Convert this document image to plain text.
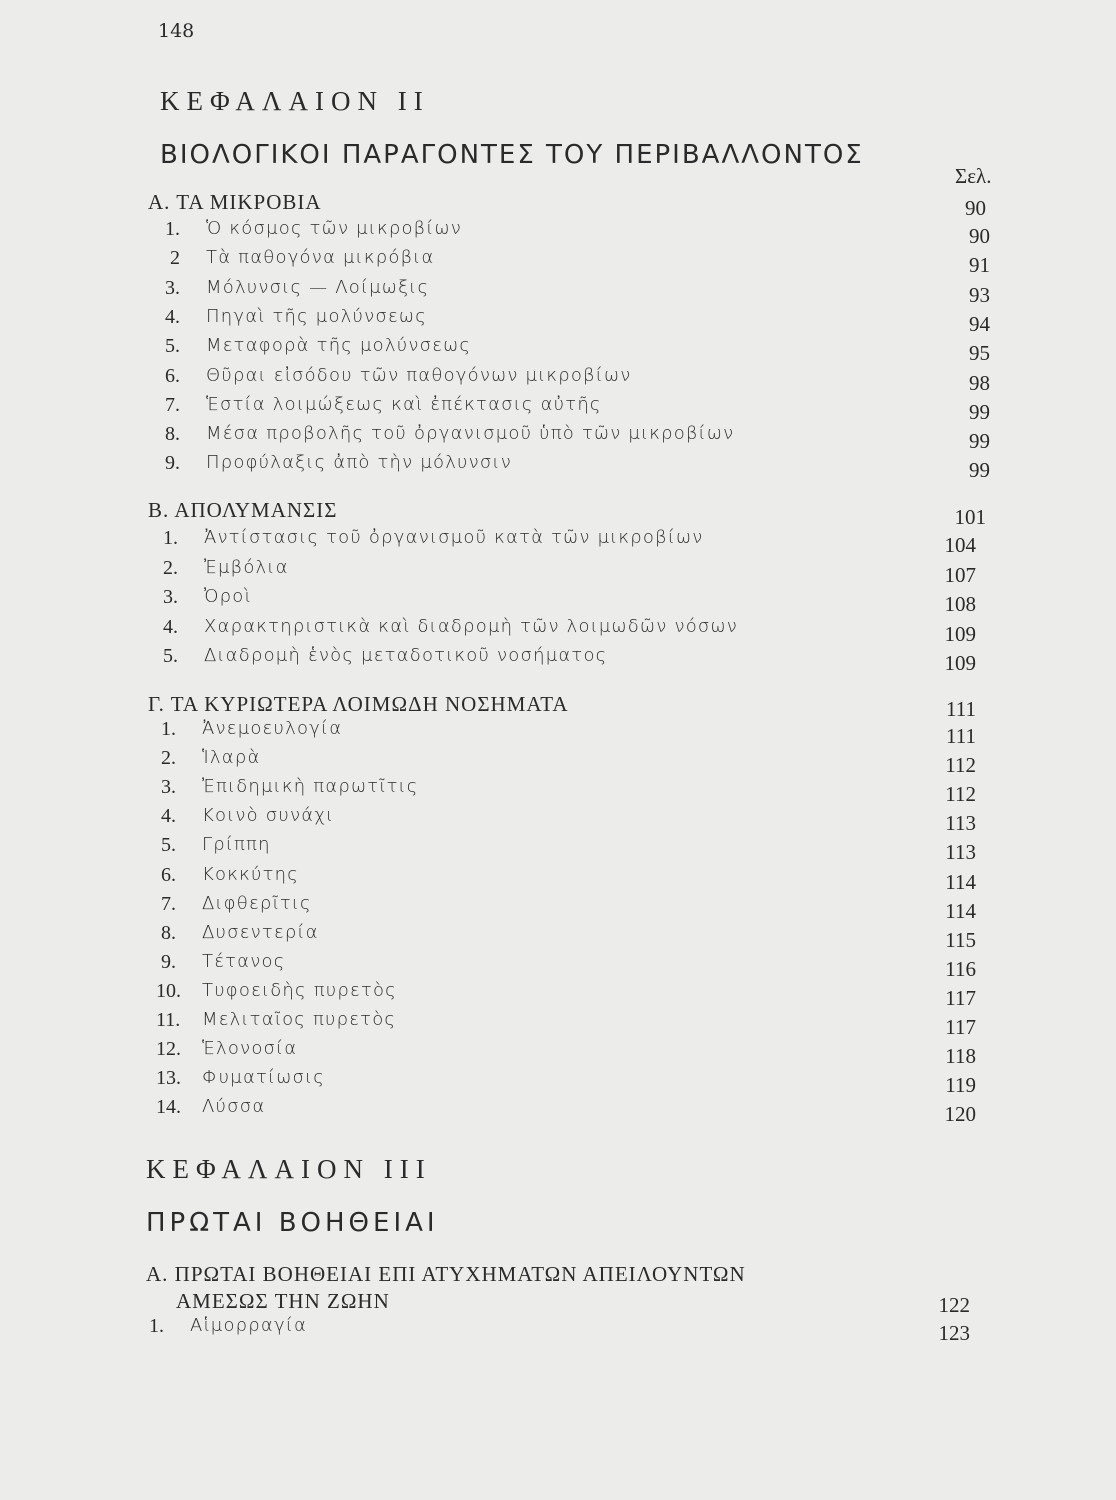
148
ΚΕΦΑΛΑΙΟΝ ΙΙ
ΒΙΟΛΟΓΙΚΟΙ ΠΑΡΑΓΟΝΤΕΣ ΤΟΥ ΠΕΡΙΒΑΛΛΟΝΤΟΣ
Σελ.
Α. ΤΑ ΜΙΚΡΟΒΙΑ	90
1. Ὁ κόσμος τῶν μικροβίων	90
2 Τὰ παθογόνα μικρόβια	91
3. Μόλυνσις — Λοίμωξις	93
4. Πηγαὶ τῆς μολύνσεως	94
5. Μεταφορὰ τῆς μολύνσεως	95
6. Θῦραι εἰσόδου τῶν παθογόνων μικροβίων	98
7. Ἑστία λοιμώξεως καὶ ἐπέκτασις αὐτῆς	99
8. Μέσα προβολῆς τοῦ ὀργανισμοῦ ὑπὸ τῶν μικροβίων	99
9. Προφύλαξις ἀπὸ τὴν μόλυνσιν	99
Β. ΑΠΟΛΥΜΑΝΣΙΣ	101
1. Ἀντίστασις τοῦ ὀργανισμοῦ κατὰ τῶν μικροβίων	104
2. Ἐμβόλια	107
3. Ὀροὶ	108
4. Χαρακτηριστικὰ καὶ διαδρομὴ τῶν λοιμωδῶν νόσων	109
5. Διαδρομὴ ἑνὸς μεταδοτικοῦ νοσήματος	109
Γ. ΤΑ ΚΥΡΙΩΤΕΡΑ ΛΟΙΜΩΔΗ ΝΟΣΗΜΑΤΑ	111
1. Ἀνεμοευλογία	111
2. Ἱλαρὰ	112
3. Ἐπιδημικὴ παρωτῖτις	112
4. Κοινὸ συνάχι	113
5. Γρίππη	113
6. Κοκκύτης	114
7. Διφθερῖτις	114
8. Δυσεντερία	115
9. Τέτανος	116
10. Τυφοειδὴς πυρετὸς	117
11. Μελιταῖος πυρετὸς	117
12. Ἑλονοσία	118
13. Φυματίωσις	119
14. Λύσσα	120
ΚΕΦΑΛΑΙΟΝ ΙΙΙ
ΠΡΩΤΑΙ ΒΟΗΘΕΙΑΙ
Α. ΠΡΩΤΑΙ ΒΟΗΘΕΙΑΙ ΕΠΙ ΑΤΥΧΗΜΑΤΩΝ ΑΠΕΙΛΟΥΝΤΩΝ
ΑΜΕΣΩΣ ΤΗΝ ΖΩΗΝ	122
1. Αἱμορραγία	123
